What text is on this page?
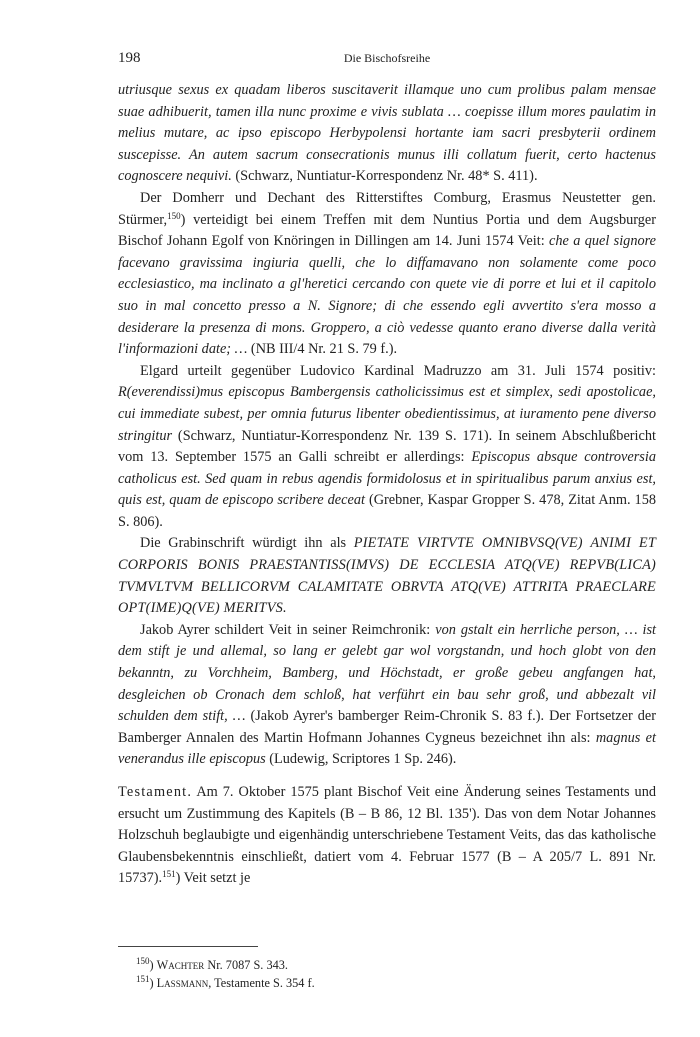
198	Die Bischofsreihe

utriusque sexus ex quadam liberos suscitaverit illamque uno cum prolibus palam mensae suae adhibuerit, tamen illa nunc proxime e vivis sublata … coepisse illum mores paulatim in melius mutare, ac ipso episcopo Herbypolensi hortante iam sacri presbyterii ordinem suscepisse. An autem sacrum consecrationis munus illi collatum fuerit, certo hactenus cognoscere nequivi. (Schwarz, Nuntiatur-Korrespondenz Nr. 48* S. 411).

Der Domherr und Dechant des Ritterstiftes Comburg, Erasmus Neustetter gen. Stürmer,$^{150}$) verteidigt bei einem Treffen mit dem Nuntius Portia und dem Augsburger Bischof Johann Egolf von Knöringen in Dillingen am 14. Juni 1574 Veit: che a quel signore facevano gravissima ingiuria quelli, che lo diffamavano non solamente come poco ecclesiastico, ma inclinato a gl'heretici cercando con quete vie di porre et lui et il capitolo suo in mal concetto presso a N. Signore; di che essendo egli avvertito s'era mosso a desiderare la presenza di mons. Groppero, a ciò vedesse quanto erano diverse dalla verità l'informazioni date; … (NB III/4 Nr. 21 S. 79 f.).

Elgard urteilt gegenüber Ludovico Kardinal Madruzzo am 31. Juli 1574 positiv: R(everendissi)mus episcopus Bambergensis catholicissimus est et simplex, sedi apostolicae, cui immediate subest, per omnia futurus libenter obedientissimus, at iuramento pene diverso stringitur (Schwarz, Nuntiatur-Korrespondenz Nr. 139 S. 171). In seinem Abschlußbericht vom 13. September 1575 an Galli schreibt er allerdings: Episcopus absque controversia catholicus est. Sed quam in rebus agendis formidolosus et in spiritualibus parum anxius est, quis est, quam de episcopo scribere deceat (Grebner, Kaspar Gropper S. 478, Zitat Anm. 158 S. 806).

Die Grabinschrift würdigt ihn als PIETATE VIRTVTE OMNIBVSQ(VE) ANIMI ET CORPORIS BONIS PRAESTANTISS(IMVS) DE ECCLESIA ATQ(VE) REPVB(LICA) TVMVLTVM BELLICORVM CALAMITATE OBRVTA ATQ(VE) ATTRITA PRAECLARE OPT(IME)Q(VE) MERITVS.

Jakob Ayrer schildert Veit in seiner Reimchronik: von gstalt ein herrliche person, … ist dem stift je und allemal, so lang er gelebt gar wol vorgstandn, und hoch globt von den bekanntn, zu Vorchheim, Bamberg, und Höchstadt, er große gebeu angfangen hat, desgleichen ob Cronach dem schloß, hat verführt ein bau sehr groß, und abbezalt vil schulden dem stift, … (Jakob Ayrer's bamberger Reim-Chronik S. 83 f.). Der Fortsetzer der Bamberger Annalen des Martin Hofmann Johannes Cygneus bezeichnet ihn als: magnus et venerandus ille episcopus (Ludewig, Scriptores 1 Sp. 246).

Testament. Am 7. Oktober 1575 plant Bischof Veit eine Änderung seines Testaments und ersucht um Zustimmung des Kapitels (B – B 86, 12 Bl. 135'). Das von dem Notar Johannes Holzschuh beglaubigte und eigenhändig unterschriebene Testament Veits, das das katholische Glaubensbekenntnis einschließt, datiert vom 4. Februar 1577 (B – A 205/7 L. 891 Nr. 15737).$^{151}$) Veit setzt je

$^{150}$) Wachter Nr. 7087 S. 343.

$^{151}$) Lassmann, Testamente S. 354 f.
